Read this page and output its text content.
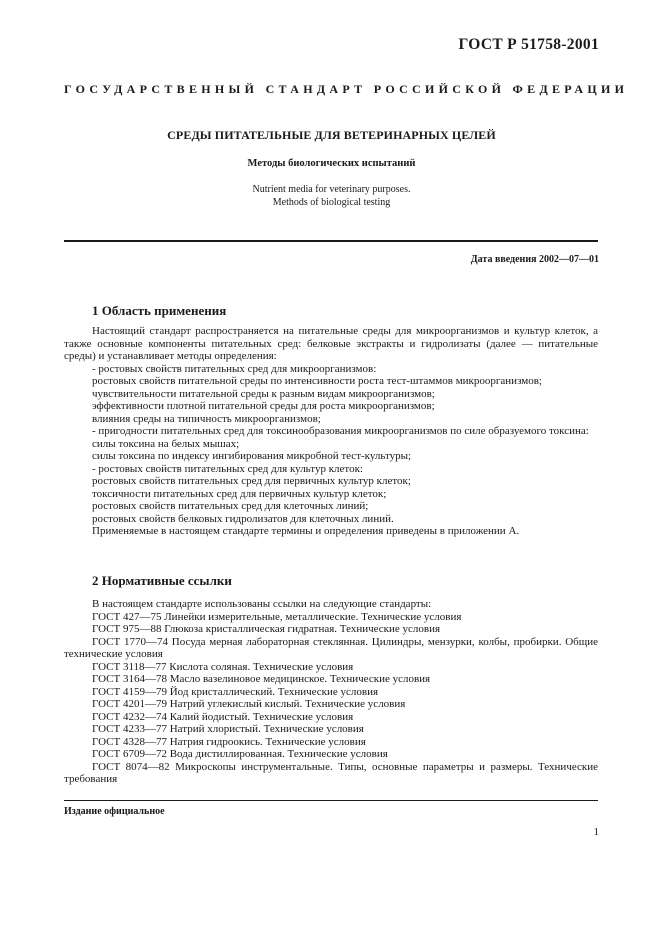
ГОСТ Р 51758-2001
ГОСУДАРСТВЕННЫЙ СТАНДАРТ РОССИЙСКОЙ ФЕДЕРАЦИИ
СРЕДЫ ПИТАТЕЛЬНЫЕ ДЛЯ ВЕТЕРИНАРНЫХ ЦЕЛЕЙ
Методы биологических испытаний
Nutrient media for veterinary purposes.
Methods of biological testing
Дата введения 2002—07—01
1 Область применения

Настоящий стандарт распространяется на питательные среды для микроорганизмов и культур клеток, а также основные компоненты питательных сред: белковые экстракты и гидролизаты (далее — питательные среды) и устанавливает методы определения:

- ростовых свойств питательных сред для микроорганизмов:

ростовых свойств питательной среды по интенсивности роста тест-штаммов микроорганизмов;

чувствительности питательной среды к разным видам микроорганизмов;

эффективности плотной питательной среды для роста микроорганизмов;

влияния среды на типичность микроорганизмов;

- пригодности питательных сред для токсинообразования микроорганизмов по силе образуемого токсина:

силы токсина на белых мышах;

силы токсина по индексу ингибирования микробной тест-культуры;

- ростовых свойств питательных сред для культур клеток:

ростовых свойств питательных сред для первичных культур клеток;

токсичности питательных сред для первичных культур клеток;

ростовых свойств питательных сред для клеточных линий;

ростовых свойств белковых гидролизатов для клеточных линий.

Применяемые в настоящем стандарте термины и определения приведены в приложении А.

2 Нормативные ссылки

В настоящем стандарте использованы ссылки на следующие стандарты:

ГОСТ 427—75 Линейки измерительные, металлические. Технические условия

ГОСТ 975—88 Глюкоза кристаллическая гидратная. Технические условия

ГОСТ 1770—74 Посуда мерная лабораторная стеклянная. Цилиндры, мензурки, колбы, пробирки. Общие технические условия

ГОСТ 3118—77 Кислота соляная. Технические условия

ГОСТ 3164—78 Масло вазелиновое медицинское. Технические условия

ГОСТ 4159—79 Йод кристаллический. Технические условия

ГОСТ 4201—79 Натрий углекислый кислый. Технические условия

ГОСТ 4232—74 Калий йодистый. Технические условия

ГОСТ 4233—77 Натрий хлористый. Технические условия

ГОСТ 4328—77 Натрия гидроокись. Технические условия

ГОСТ 6709—72 Вода дистиллированная. Технические условия

ГОСТ 8074—82 Микроскопы инструментальные. Типы, основные параметры и размеры. Технические требования

Издание официальное
1
